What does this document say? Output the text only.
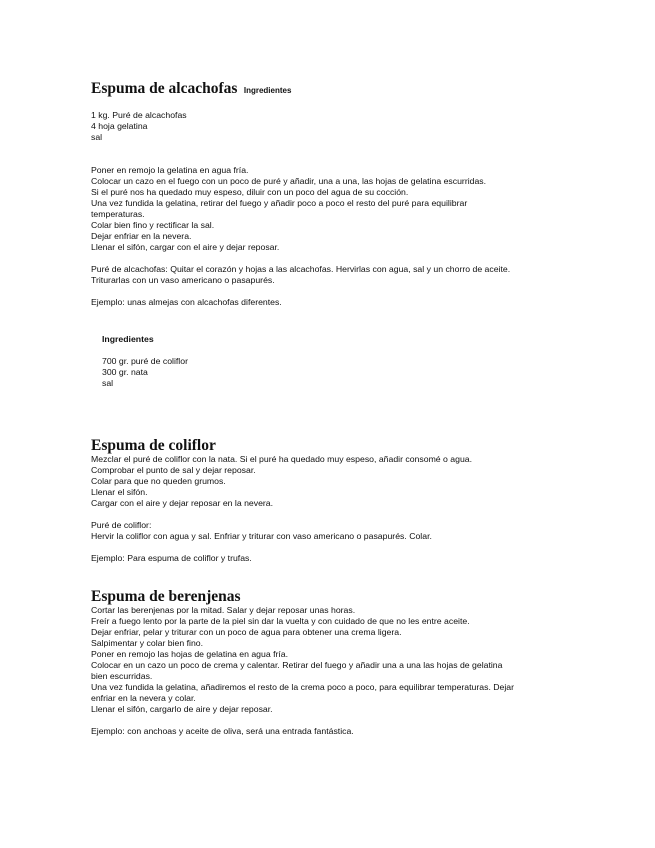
Espuma de alcachofas Ingredientes
1 kg. Puré de alcachofas
4 hoja gelatina
sal
Poner en remojo la gelatina en agua fría.
Colocar un cazo en el fuego con un poco de puré y añadir, una a una, las hojas de gelatina escurridas.
Si el puré nos ha quedado muy espeso, diluir con un poco del agua de su cocción.
Una vez fundida la gelatina, retirar del fuego y añadir poco a poco el resto del puré para equilibrar
temperaturas.
Colar bien fino y rectificar la sal.
Dejar enfriar en la nevera.
Llenar el sifón, cargar con el aire y dejar reposar.
Puré de alcachofas: Quitar el corazón y hojas a las alcachofas. Hervirlas con agua, sal y un chorro de aceite.
Triturarlas con un vaso americano o pasapurés.
Ejemplo: unas almejas con alcachofas diferentes.
Ingredientes
700 gr. puré de coliflor
300 gr. nata
sal
Espuma de coliflor
Mezclar el puré de coliflor con la nata. Si el puré ha quedado muy espeso, añadir consomé o agua.
Comprobar el punto de sal y dejar reposar.
Colar para que no queden grumos.
Llenar el sifón.
Cargar con el aire y dejar reposar en la nevera.
Puré de coliflor:
Hervir la coliflor con agua y sal. Enfriar y triturar con vaso americano o pasapurés. Colar.
Ejemplo: Para espuma de coliflor y trufas.
Espuma de berenjenas
Cortar las berenjenas por la mitad. Salar y dejar reposar unas horas.
Freír a fuego lento por la parte de la piel sin dar la vuelta y con cuidado de que no les entre aceite.
Dejar enfriar, pelar y triturar con un poco de agua para obtener una crema ligera.
Salpimentar y colar bien fino.
Poner en remojo las hojas de gelatina en agua fría.
Colocar en un cazo un poco de crema y calentar. Retirar del fuego y añadir una a una las hojas de gelatina
bien escurridas.
Una vez fundida la gelatina, añadiremos el resto de la crema poco a poco, para equilibrar temperaturas. Dejar
enfriar en la nevera y colar.
Llenar el sifón, cargarlo de aire y dejar reposar.
Ejemplo: con anchoas y aceite de oliva, será una entrada fantástica.
